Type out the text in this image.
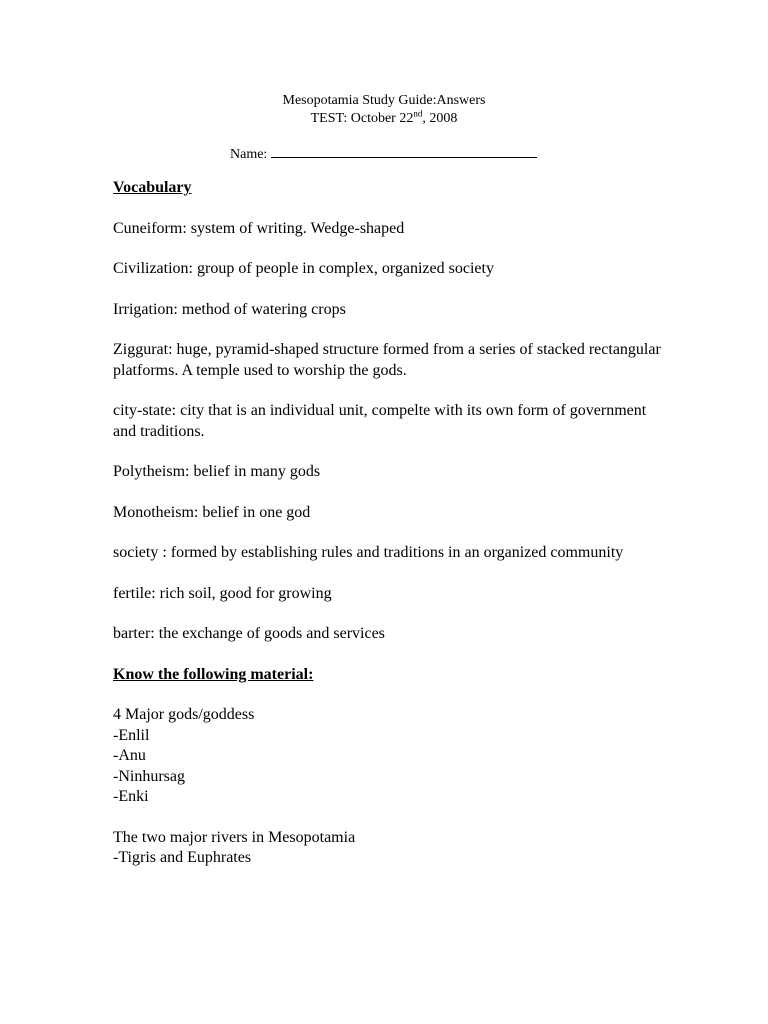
Mesopotamia Study Guide:Answers
TEST: October 22nd, 2008
Name:
Vocabulary
Cuneiform: system of writing. Wedge-shaped
Civilization: group of people in complex, organized society
Irrigation: method of watering crops
Ziggurat: huge, pyramid-shaped structure formed from a series of stacked rectangular platforms. A temple used to worship the gods.
city-state: city that is an individual unit, compelte with its own form of government and traditions.
Polytheism: belief in many gods
Monotheism: belief in one god
society : formed by establishing rules and traditions in an organized community
fertile: rich soil, good for growing
barter: the exchange of goods and services
Know the following material:
4 Major gods/goddess
-Enlil
-Anu
-Ninhursag
-Enki
The two major rivers in Mesopotamia
-Tigris and Euphrates
